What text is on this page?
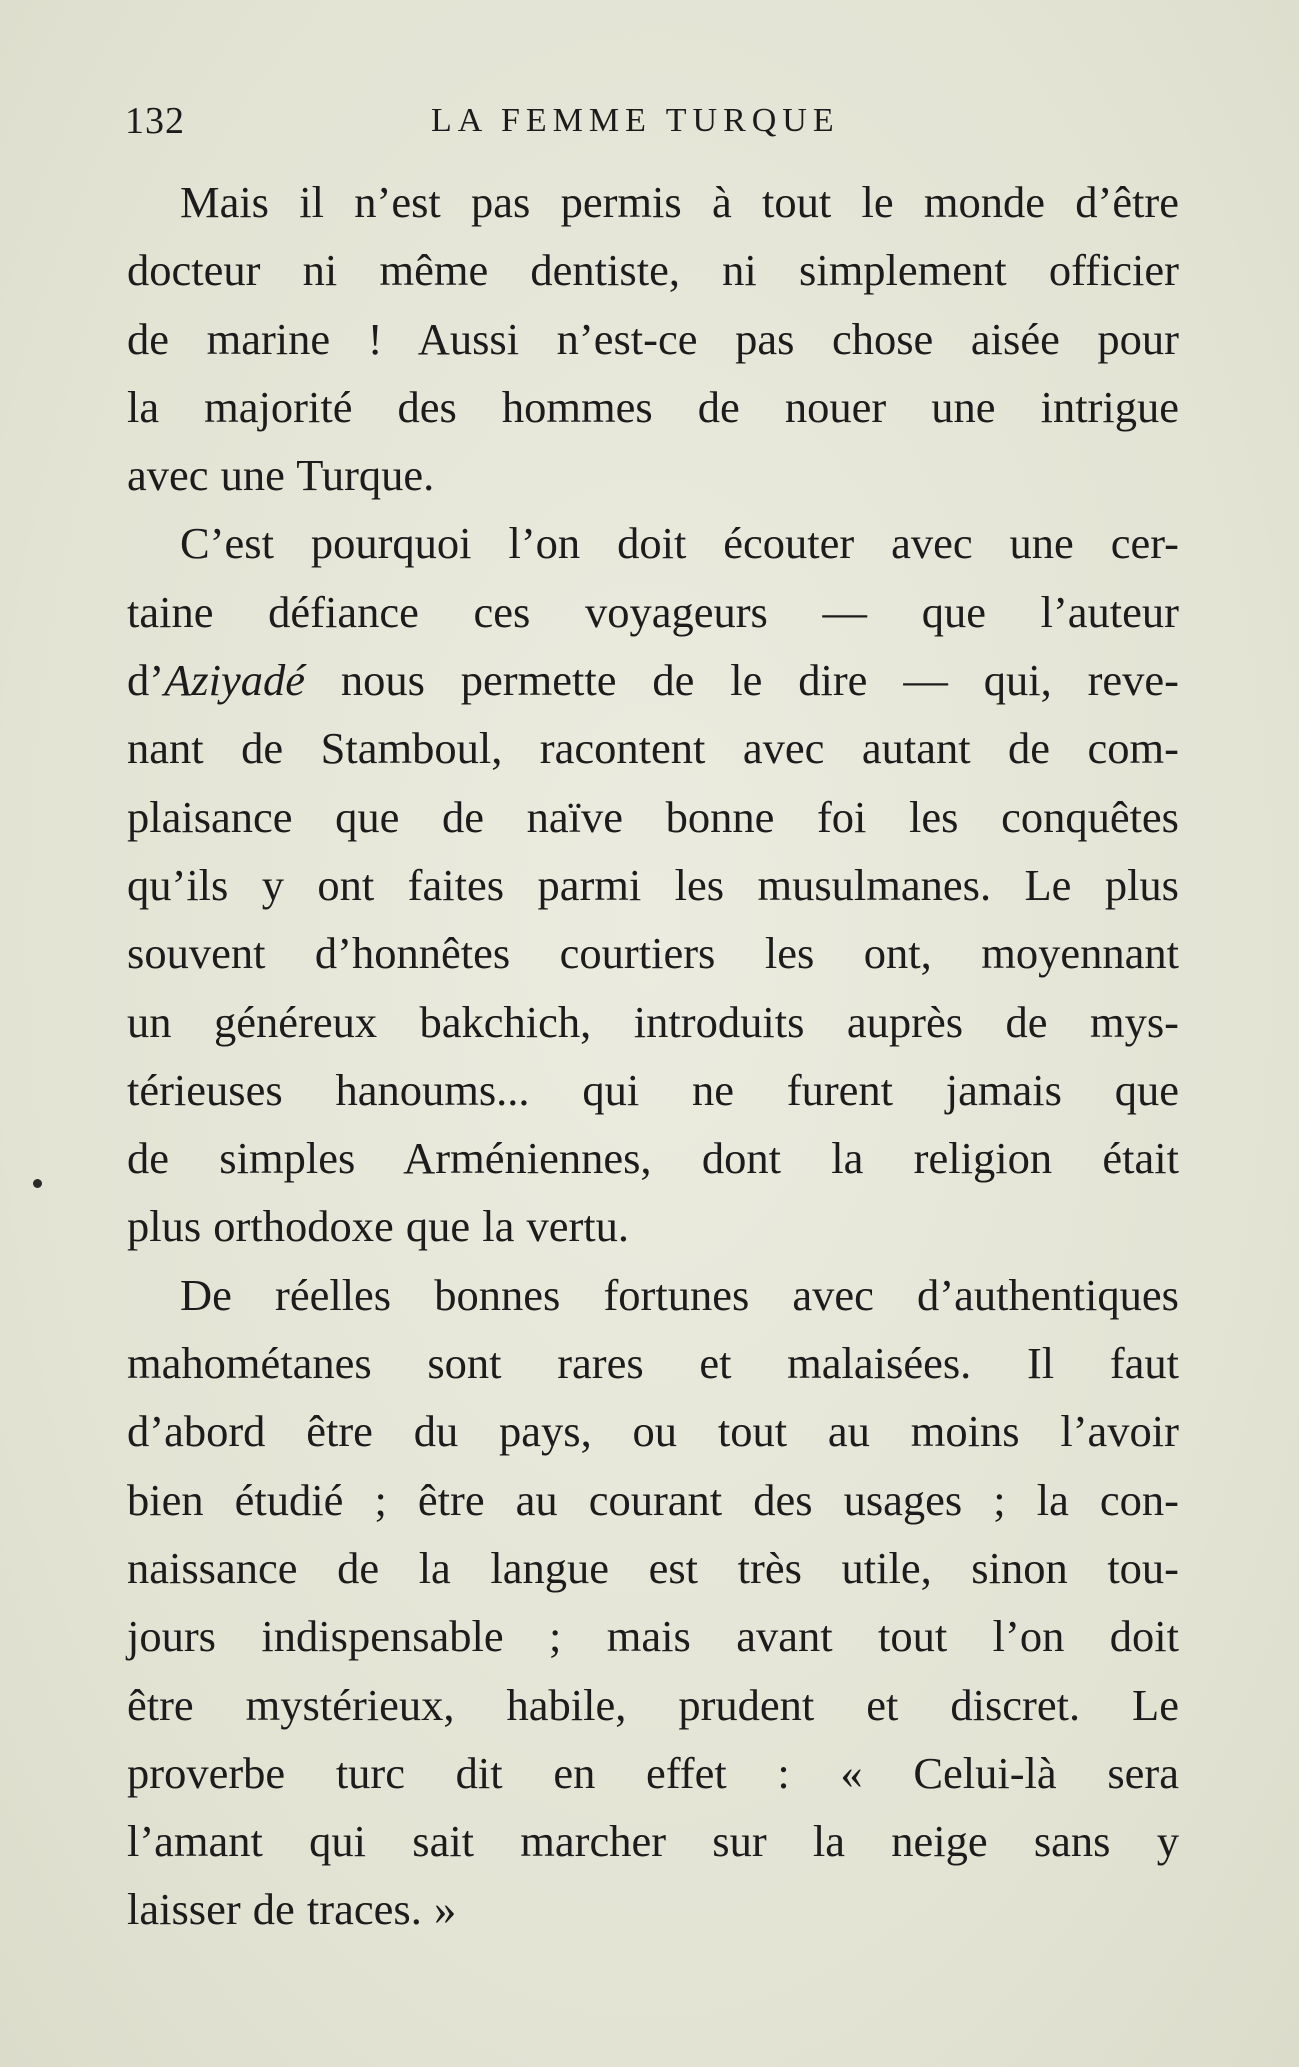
132	LA FEMME TURQUE
Mais il n’est pas permis à tout le monde d’être
docteur ni même dentiste, ni simplement officier
de marine ! Aussi n’est-ce pas chose aisée pour
la majorité des hommes de nouer une intrigue
avec une Turque.
C’est pourquoi l’on doit écouter avec une cer-
taine défiance ces voyageurs — que l’auteur
d’Aziyadé nous permette de le dire — qui, reve-
nant de Stamboul, racontent avec autant de com-
plaisance que de naïve bonne foi les conquêtes
qu’ils y ont faites parmi les musulmanes. Le plus
souvent d’honnêtes courtiers les ont, moyennant
un généreux bakchich, introduits auprès de mys-
térieuses hanoums... qui ne furent jamais que
de simples Arméniennes, dont la religion était
plus orthodoxe que la vertu.
De réelles bonnes fortunes avec d’authentiques
mahométanes sont rares et malaisées. Il faut
d’abord être du pays, ou tout au moins l’avoir
bien étudié ; être au courant des usages ; la con-
naissance de la langue est très utile, sinon tou-
jours indispensable ; mais avant tout l’on doit
être mystérieux, habile, prudent et discret. Le
proverbe turc dit en effet : « Celui-là sera
l’amant qui sait marcher sur la neige sans y
laisser de traces. »
